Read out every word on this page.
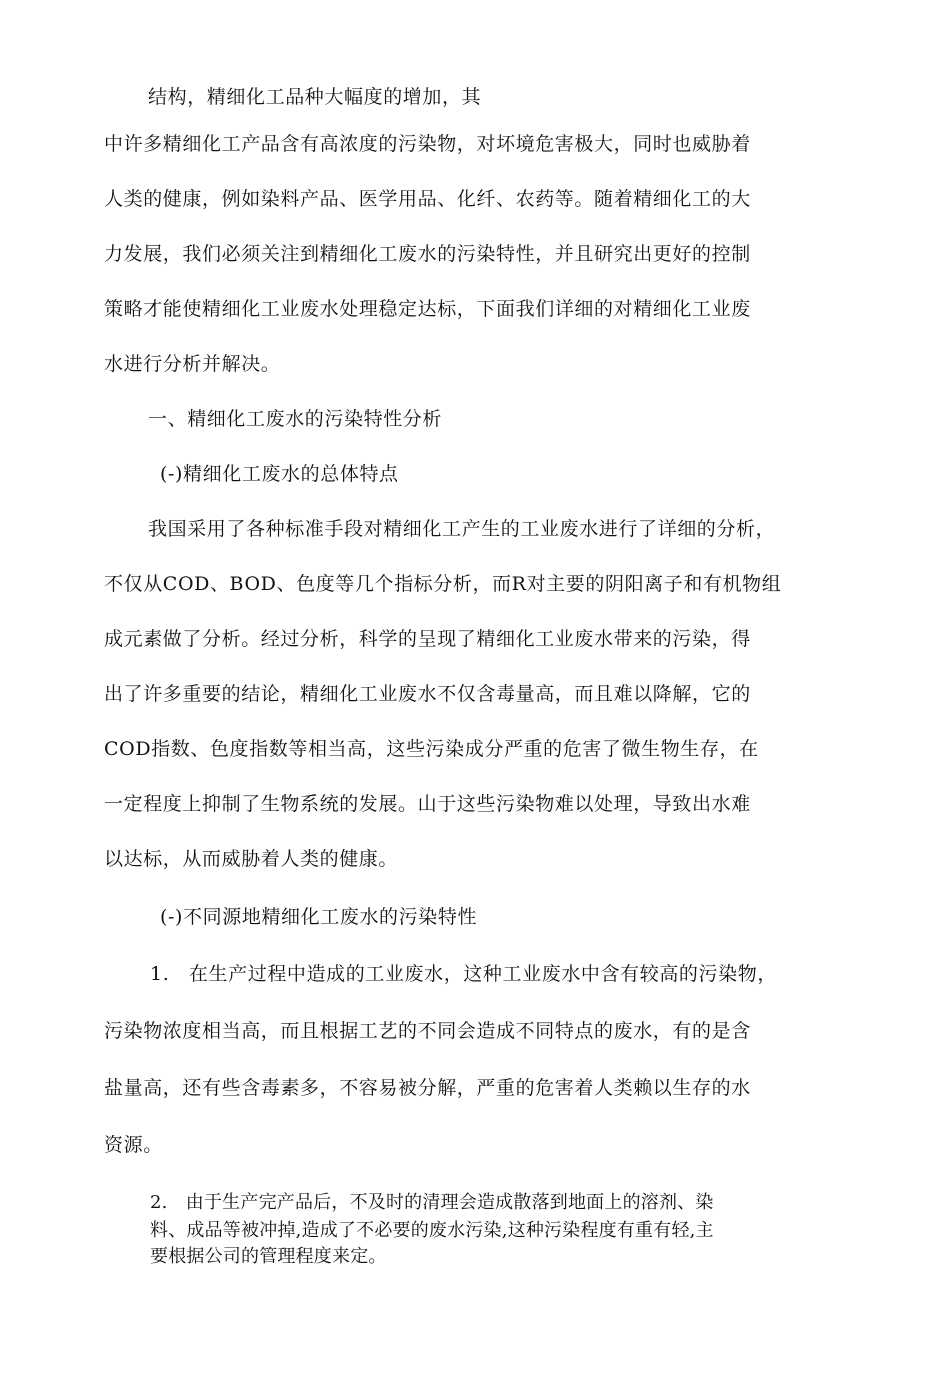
结构，精细化工品种大幅度的增加，其
中许多精细化工产品含有高浓度的污染物，对坏境危害极大，同时也威胁着
人类的健康，例如染料产品、医学用品、化纤、农药等。随着精细化工的大
力发展，我们必须关注到精细化工废水的污染特性，并且研究出更好的控制
策略才能使精细化工业废水处理稳定达标，下面我们详细的对精细化工业废
水进行分析并解决。
一、精细化工废水的污染特性分析
(-)精细化工废水的总体特点
我国采用了各种标准手段对精细化工产生的工业废水进行了详细的分析，
不仅从COD、BOD、色度等几个指标分析，而R对主要的阴阳离子和有机物组
成元素做了分析。经过分析，科学的呈现了精细化工业废水带来的污染，得
出了许多重要的结论，精细化工业废水不仅含毒量高，而且难以降解，它的
COD指数、色度指数等相当高，这些污染成分严重的危害了微生物生存，在
一定程度上抑制了生物系统的发展。山于这些污染物难以处理，导致出水难
以达标，从而威胁着人类的健康。
(-)不同源地精细化工废水的污染特性
1.　在生产过程中造成的工业废水，这种工业废水中含有较高的污染物，
污染物浓度相当高，而且根据工艺的不同会造成不同特点的废水，有的是含
盐量高，还有些含毒素多，不容易被分解，严重的危害着人类赖以生存的水
资源。
2.　由于生产完产品后，不及时的清理会造成散落到地面上的溶剂、染
料、成品等被冲掉,造成了不必要的废水污染,这种污染程度有重有轻,主
要根据公司的管理程度来定。
